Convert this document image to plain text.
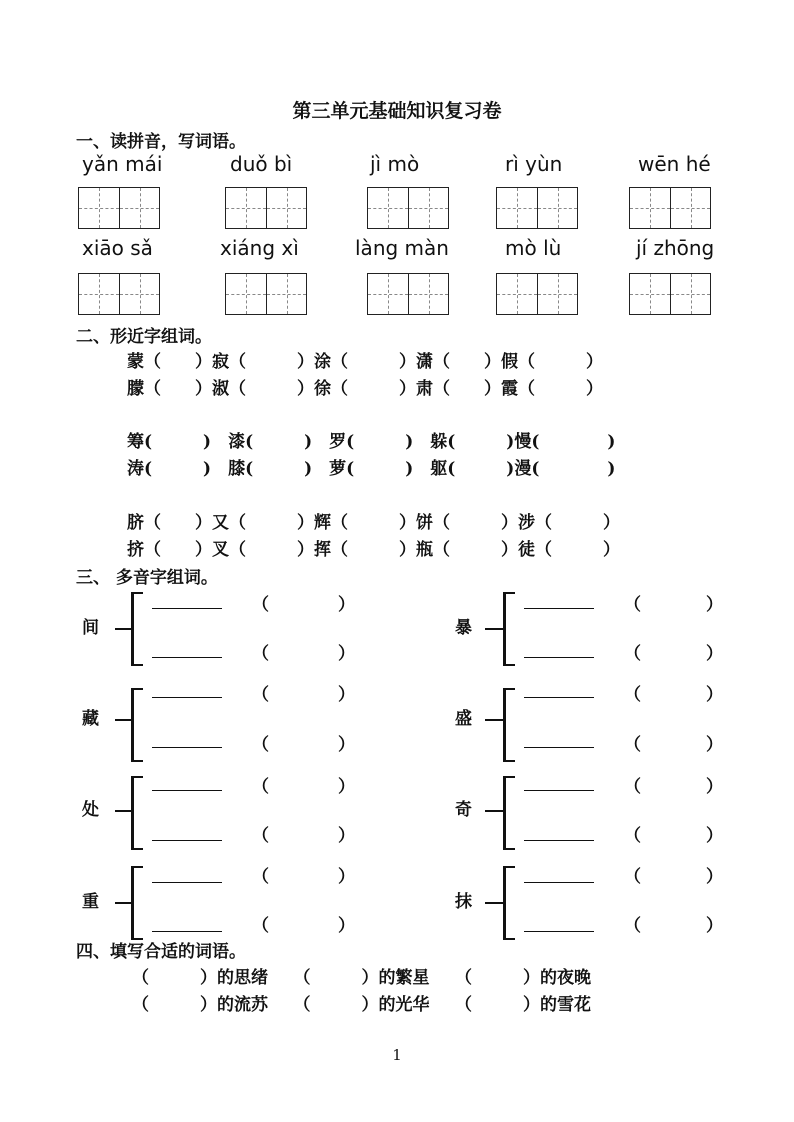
第三单元基础知识复习卷
一、读拼音，写词语。
yǎn mái	duǒ bì	jì mò	rì yùn	wēn hé
xiāo sǎ	xiáng xì	làng màn	mò lù	jí zhōng
二、形近字组词。
蒙（　　）寂（　　　）涂（　　　）潇（　　）假（　　　）
朦（　　）淑（　　　）徐（　　　）肃（　　）霞（　　　）
筹(　　　)　漆(　　　)　罗(　　　)　躲(　　　)慢(　　　　)
涛(　　　)　膝(　　　)　萝(　　　)　躯(　　　)漫(　　　　)
脐（　　）又（　　　）辉（　　　）饼（　　　）涉（　　　）
挤（　　）叉（　　　）挥（　　　）瓶（　　　）徒（　　　）
三、 多音字组词。
间
（	）
（	）
藏
（	）
（	）
处
（	）
（	）
重
（	）
（	）
暴
（	）
（	）
盛
（	）
（	）
奇
（	）
（	）
抹
（	）
（	）
四、填写合适的词语。
（　　　）的思绪　　（　　　）的繁星　　（　　　）的夜晚
（　　　）的流苏　　（　　　）的光华　　（　　　）的雪花
1
